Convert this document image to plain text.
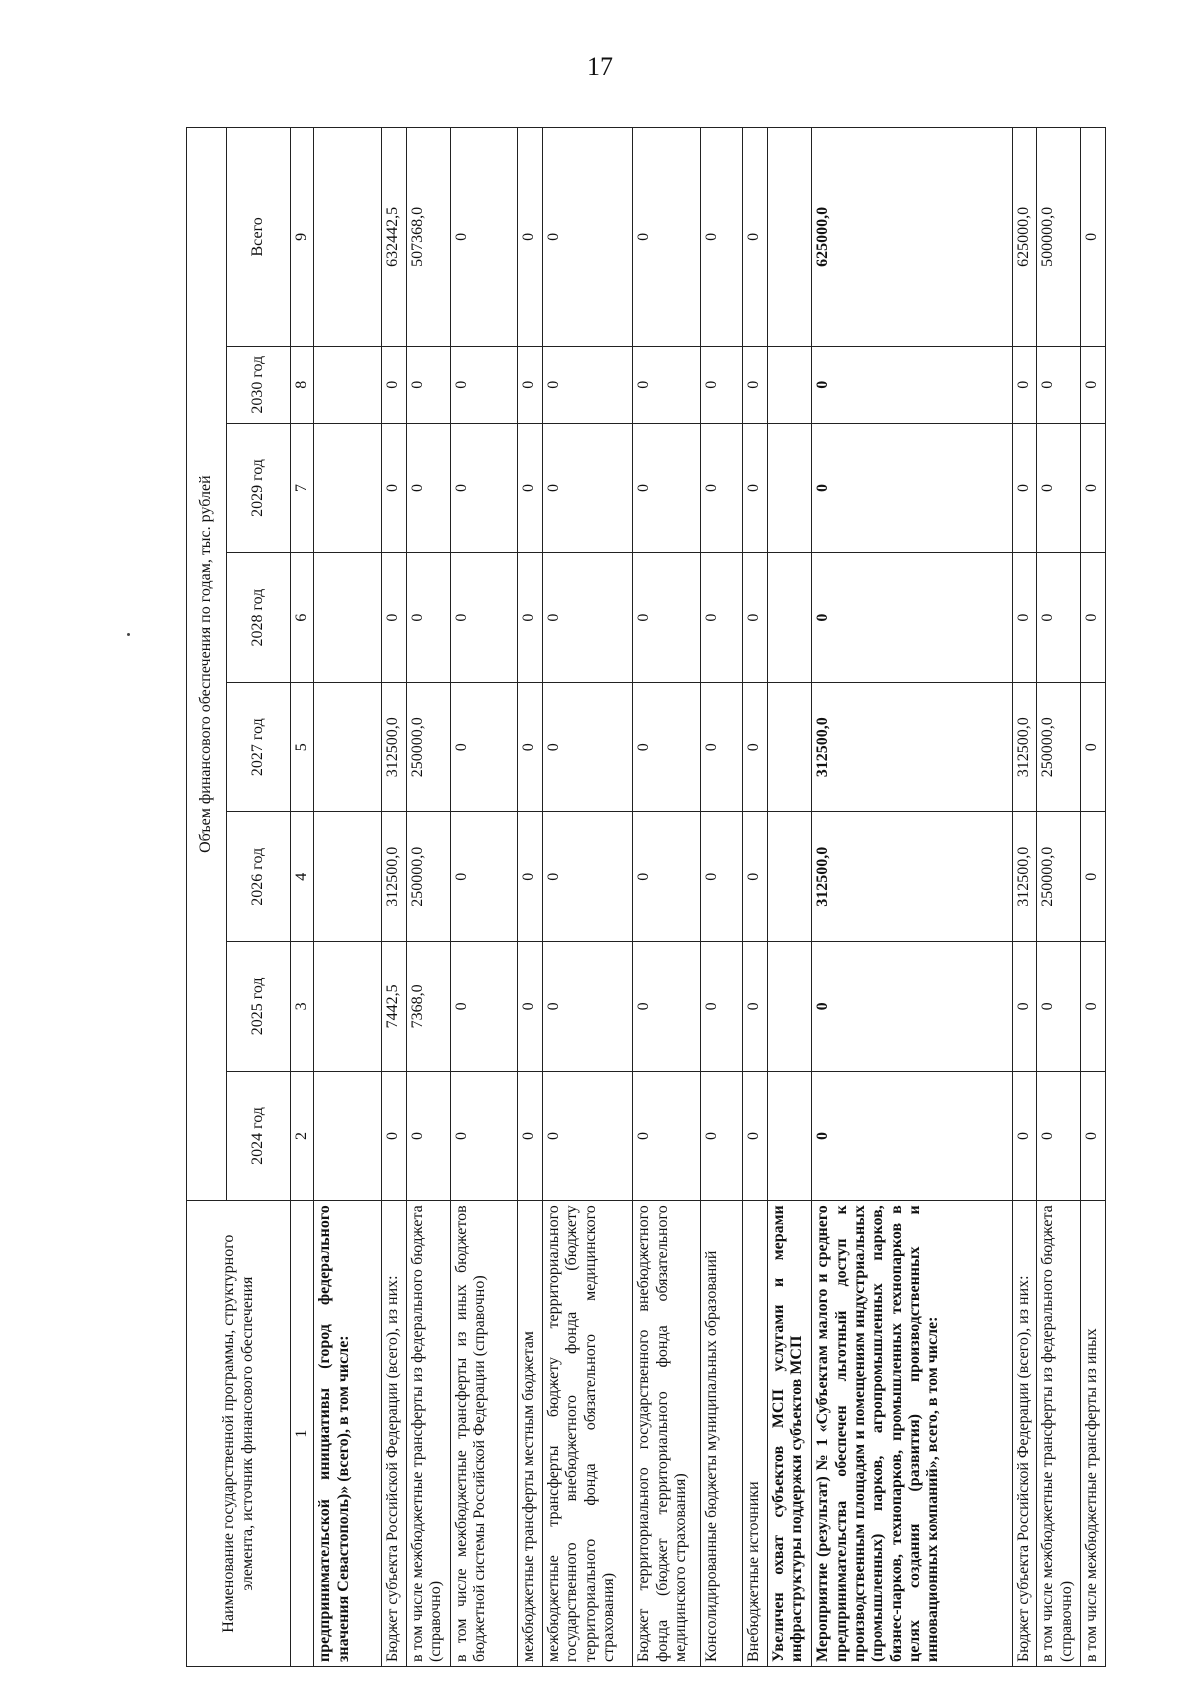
17
Наименование государственной программы, структурного элемента, источник финансового обеспечения	Объем финансового обеспечения по годам, тыс. рублей							
	2024 год	2025 год	2026 год	2027 год	2028 год	2029 год	2030 год	Всего
1	2	3	4	5	6	7	8	9
предпринимательской инициативы (город федерального значения Севастополь)» (всего), в том числе:								
Бюджет субъекта Российской Федерации (всего), из них:	0	7442,5	312500,0	312500,0	0	0	0	632442,5
в том числе межбюджетные трансферты из федерального бюджета (справочно)	0	7368,0	250000,0	250000,0	0	0	0	507368,0
в том числе межбюджетные трансферты из иных бюджетов бюджетной системы Российской Федерации (справочно)	0	0	0	0	0	0	0	0
межбюджетные трансферты местным бюджетам	0	0	0	0	0	0	0	0
межбюджетные трансферты бюджету территориального государственного внебюджетного фонда (бюджету территориального фонда обязательного медицинского страхования)	0	0	0	0	0	0	0	0
Бюджет территориального государственного внебюджетного фонда (бюджет территориального фонда обязательного медицинского страхования)	0	0	0	0	0	0	0	0
Консолидированные бюджеты муниципальных образований	0	0	0	0	0	0	0	0
Внебюджетные источники	0	0	0	0	0	0	0	0
Увеличен охват субъектов МСП услугами и мерами инфраструктуры поддержки субъектов МСП								
Мероприятие (результат) № 1 «Субъектам малого и среднего предпринимательства обеспечен льготный доступ к производственным площадям и помещениям индустриальных (промышленных) парков, агропромышленных парков, бизнес-парков, технопарков, промышленных технопарков в целях создания (развития) производственных и инновационных компаний», всего, в том числе:	0	0	312500,0	312500,0	0	0	0	625000,0
Бюджет субъекта Российской Федерации (всего), из них:	0	0	312500,0	312500,0	0	0	0	625000,0
в том числе межбюджетные трансферты из федерального бюджета (справочно)	0	0	250000,0	250000,0	0	0	0	500000,0
в том числе межбюджетные трансферты из иных	0	0	0	0	0	0	0	0
